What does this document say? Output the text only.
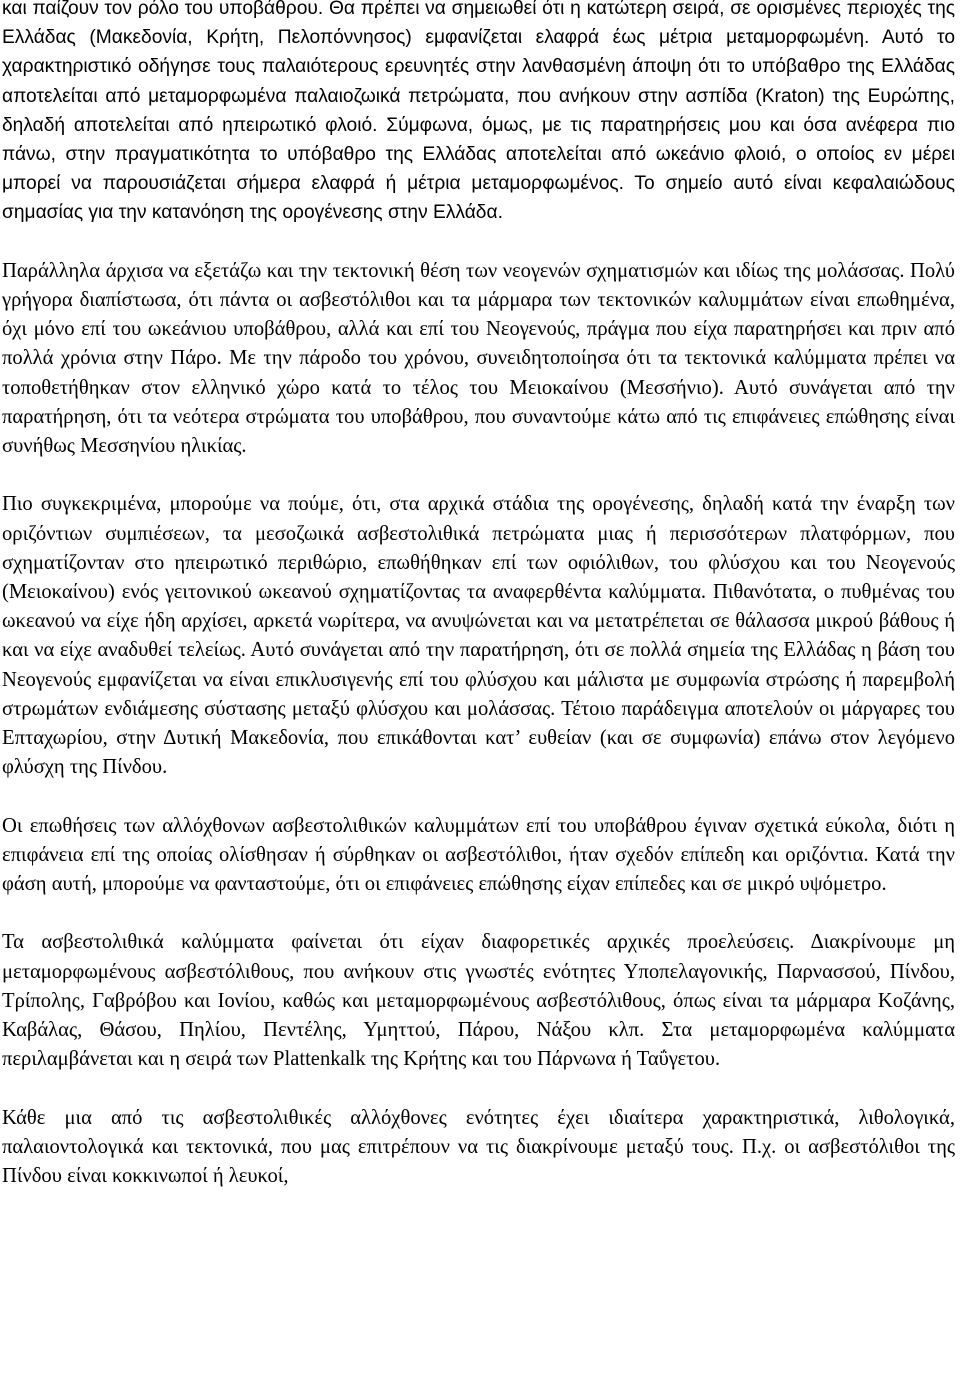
και παίζουν τον ρόλο του υποβάθρου. Θα πρέπει να σημειωθεί ότι η κατώτερη σειρά, σε ορισμένες περιοχές της Ελλάδας (Μακεδονία, Κρήτη, Πελοπόννησος) εμφανίζεται ελαφρά έως μέτρια μεταμορφωμένη. Αυτό το χαρακτηριστικό οδήγησε τους παλαιότερους ερευνητές στην λανθασμένη άποψη ότι το υπόβαθρο της Ελλάδας αποτελείται από μεταμορφωμένα παλαιοζωικά πετρώματα, που ανήκουν στην ασπίδα (Kraton) της Ευρώπης, δηλαδή αποτελείται από ηπειρωτικό φλοιό. Σύμφωνα, όμως, με τις παρατηρήσεις μου και όσα ανέφερα πιο πάνω, στην πραγματικότητα το υπόβαθρο της Ελλάδας αποτελείται από ωκεάνιο φλοιό, ο οποίος εν μέρει μπορεί να παρουσιάζεται σήμερα ελαφρά ή μέτρια μεταμορφωμένος. Το σημείο αυτό είναι κεφαλαιώδους σημασίας για την κατανόηση της ορογένεσης στην Ελλάδα.

Παράλληλα άρχισα να εξετάζω και την τεκτονική θέση των νεογενών σχηματισμών και ιδίως της μολάσσας. Πολύ γρήγορα διαπίστωσα, ότι πάντα οι ασβεστόλιθοι και τα μάρμαρα των τεκτονικών καλυμμάτων είναι επωθημένα, όχι μόνο επί του ωκεάνιου υποβάθρου, αλλά και επί του Νεογενούς, πράγμα που είχα παρατηρήσει και πριν από πολλά χρόνια στην Πάρο. Με την πάροδο του χρόνου, συνειδητοποίησα ότι τα τεκτονικά καλύμματα πρέπει να τοποθετήθηκαν στον ελληνικό χώρο κατά το τέλος του Μειοκαίνου (Μεσσήνιο). Αυτό συνάγεται από την παρατήρηση, ότι τα νεότερα στρώματα του υποβάθρου, που συναντούμε κάτω από τις επιφάνειες επώθησης είναι συνήθως Μεσσηνίου ηλικίας.

Πιο συγκεκριμένα, μπορούμε να πούμε, ότι, στα αρχικά στάδια της ορογένεσης, δηλαδή κατά την έναρξη των οριζόντιων συμπιέσεων, τα μεσοζωικά ασβεστολιθικά πετρώματα μιας ή περισσότερων πλατφόρμων, που σχηματίζονταν στο ηπειρωτικό περιθώριο, επωθήθηκαν επί των οφιόλιθων, του φλύσχου και του Νεογενούς (Μειοκαίνου) ενός γειτονικού ωκεανού σχηματίζοντας τα αναφερθέντα καλύμματα. Πιθανότατα, ο πυθμένας του ωκεανού να είχε ήδη αρχίσει, αρκετά νωρίτερα, να ανυψώνεται και να μετατρέπεται σε θάλασσα μικρού βάθους ή και να είχε αναδυθεί τελείως. Αυτό συνάγεται από την παρατήρηση, ότι σε πολλά σημεία της Ελλάδας η βάση του Νεογενούς εμφανίζεται να είναι επικλυσιγενής επί του φλύσχου και μάλιστα με συμφωνία στρώσης ή παρεμβολή στρωμάτων ενδιάμεσης σύστασης μεταξύ φλύσχου και μολάσσας. Τέτοιο παράδειγμα αποτελούν οι μάργαρες του Επταχωρίου, στην Δυτική Μακεδονία, που επικάθονται κατ’ ευθείαν (και σε συμφωνία) επάνω στον λεγόμενο φλύσχη της Πίνδου.

Οι επωθήσεις των αλλόχθονων ασβεστολιθικών καλυμμάτων επί του υποβάθρου έγιναν σχετικά εύκολα, διότι η επιφάνεια επί της οποίας ολίσθησαν ή σύρθηκαν οι ασβεστόλιθοι, ήταν σχεδόν επίπεδη και οριζόντια. Κατά την φάση αυτή, μπορούμε να φανταστούμε, ότι οι επιφάνειες επώθησης είχαν επίπεδες και σε μικρό υψόμετρο.

Τα ασβεστολιθικά καλύμματα φαίνεται ότι είχαν διαφορετικές αρχικές προελεύσεις. Διακρίνουμε μη μεταμορφωμένους ασβεστόλιθους, που ανήκουν στις γνωστές ενότητες Υποπελαγονικής, Παρνασσού, Πίνδου, Τρίπολης, Γαβρόβου και Ιονίου, καθώς και μεταμορφωμένους ασβεστόλιθους, όπως είναι τα μάρμαρα Κοζάνης, Καβάλας, Θάσου, Πηλίου, Πεντέλης, Υμηττού, Πάρου, Νάξου κλπ. Στα μεταμορφωμένα καλύμματα περιλαμβάνεται και η σειρά των Plattenkalk της Κρήτης και του Πάρνωνα ή Ταΰγετου.

Κάθε μια από τις ασβεστολιθικές αλλόχθονες ενότητες έχει ιδιαίτερα χαρακτηριστικά, λιθολογικά, παλαιοντολογικά και τεκτονικά, που μας επιτρέπουν να τις διακρίνουμε μεταξύ τους. Π.χ. οι ασβεστόλιθοι της Πίνδου είναι κοκκινωποί ή λευκοί,
